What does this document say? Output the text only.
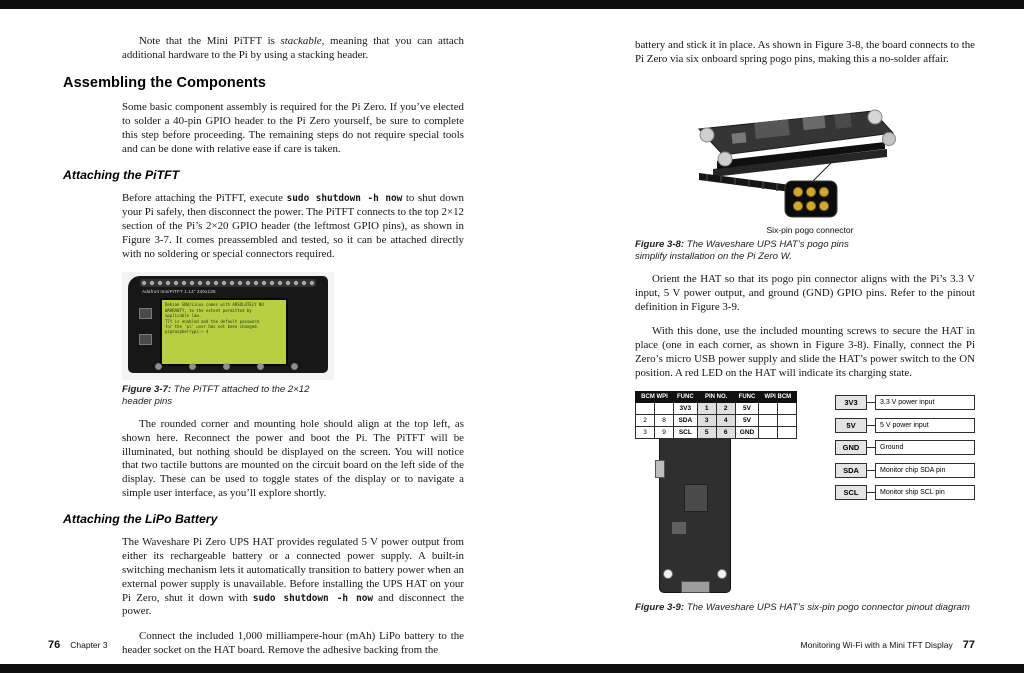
Note that the Mini PiTFT is stackable, meaning that you can attach additional hardware to the Pi by using a stacking header.

Assembling the Components

Some basic component assembly is required for the Pi Zero. If you’ve elected to solder a 40-pin GPIO header to the Pi Zero yourself, be sure to complete this step before proceeding. The remaining steps do not require special tools and can be done with relative ease if care is taken.

Attaching the PiTFT

Before attaching the PiTFT, execute sudo shutdown -h now to shut down your Pi safely, then disconnect the power. The PiTFT connects to the top 2×12 section of the Pi’s 2×20 GPIO header (the leftmost GPIO pins), as shown in Figure 3-7. It comes preassembled and tested, so it can be attached directly with no soldering or special connectors required.

Adafruit miniPiTFT 1.14" 240x135
Debian GNU/Linux comes with ABSOLUTELY NO
WARRANTY, to the extent permitted by
applicable law.
TTY is enabled and the default password
for the 'pi' user has not been changed.
pi@raspberrypi:~ $

Figure 3-7: The PiTFT attached to the 2×12 header pins

The rounded corner and mounting hole should align at the top left, as shown here. Reconnect the power and boot the Pi. The PiTFT will be illuminated, but nothing should be displayed on the screen. You will notice that two tactile buttons are mounted on the circuit board on the left side of the display. These can be used to toggle states of the display or to navigate a simple user interface, as you’ll explore shortly.

Attaching the LiPo Battery

The Waveshare Pi Zero UPS HAT provides regulated 5 V power output from either its rechargeable battery or a connected power supply. A built-in switching mechanism lets it automatically transition to battery power when an external power supply is unavailable. Before installing the UPS HAT on your Pi Zero, shut it down with sudo shutdown -h now and disconnect the power.

Connect the included 1,000 milliampere-hour (mAh) LiPo battery to the header socket on the HAT board. Remove the adhesive backing from the

76 Chapter 3

battery and stick it in place. As shown in Figure 3-8, the board connects to the Pi Zero via six onboard spring pogo pins, making this a no-solder affair.

Six-pin pogo connector

Figure 3-8: The Waveshare UPS HAT’s pogo pins simplify installation on the Pi Zero W.

Orient the HAT so that its pogo pin connector aligns with the Pi’s 3.3 V input, 5 V power output, and ground (GND) GPIO pins. Refer to the pinout definition in Figure 3-9.

With this done, use the included mounting screws to secure the HAT in place (one in each corner, as shown in Figure 3-8). Finally, connect the Pi Zero’s micro USB power supply and slide the HAT’s power switch to the ON position. A red LED on the HAT will indicate its charging state.

BCM WPI		FUNC	PIN NO.		FUNC	WPI BCM	
		3V3	1	2	5V		
2	8	SDA	3	4	5V		
3	9	SCL	5	6	GND		
3V3	3.3 V power input
5V	5 V power input
GND	Ground
SDA	Monitor chip SDA pin
SCL	Monitor ship SCL pin

Figure 3-9: The Waveshare UPS HAT’s six-pin pogo connector pinout diagram

Monitoring Wi-Fi with a Mini TFT Display 77
